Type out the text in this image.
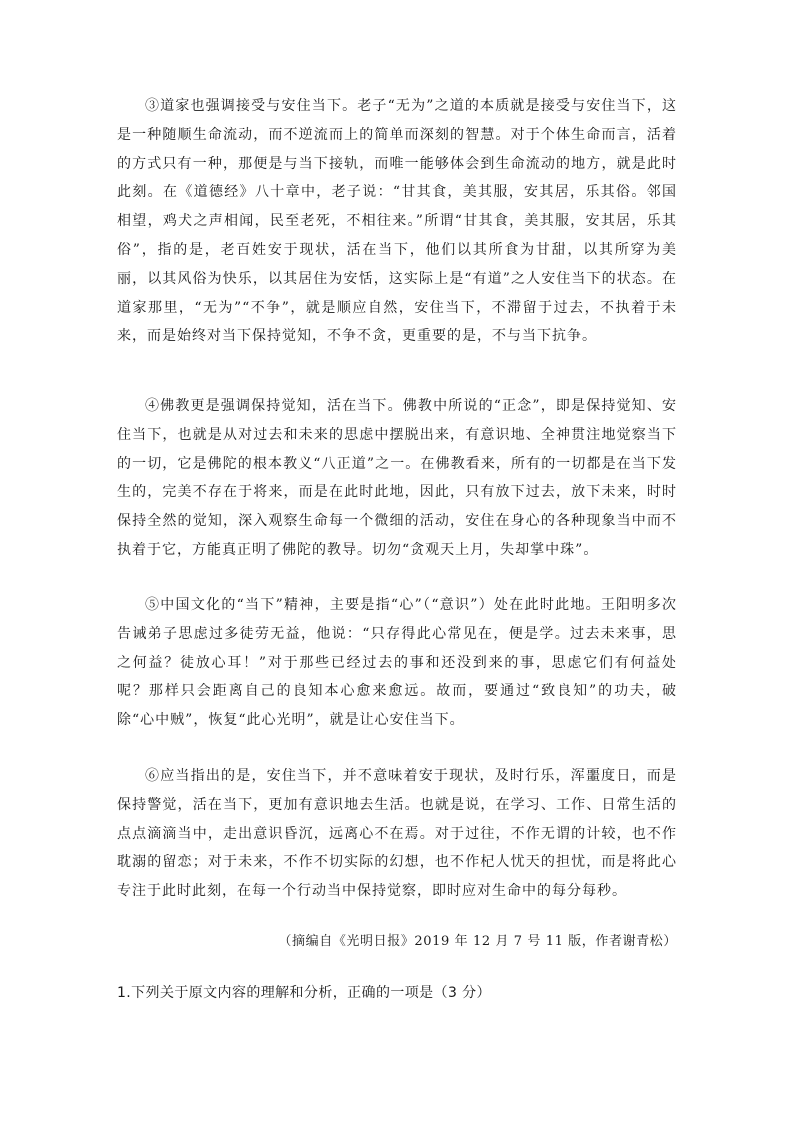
③道家也强调接受与安住当下。老子“无为”之道的本质就是接受与安住当下，这是一种随顺生命流动，而不逆流而上的简单而深刻的智慧。对于个体生命而言，活着的方式只有一种，那便是与当下接轨，而唯一能够体会到生命流动的地方，就是此时此刻。在《道德经》八十章中，老子说：“甘其食，美其服，安其居，乐其俗。邻国相望，鸡犬之声相闻，民至老死，不相往来。”所谓“甘其食，美其服，安其居，乐其俗”，指的是，老百姓安于现状，活在当下，他们以其所食为甘甜，以其所穿为美丽，以其风俗为快乐，以其居住为安恬，这实际上是“有道”之人安住当下的状态。在道家那里，“无为”“不争”，就是顺应自然，安住当下，不滞留于过去，不执着于未来，而是始终对当下保持觉知，不争不贪，更重要的是，不与当下抗争。

④佛教更是强调保持觉知，活在当下。佛教中所说的“正念”，即是保持觉知、安住当下，也就是从对过去和未来的思虑中摆脱出来，有意识地、全神贯注地觉察当下的一切，它是佛陀的根本教义“八正道”之一。在佛教看来，所有的一切都是在当下发生的，完美不存在于将来，而是在此时此地，因此，只有放下过去，放下未来，时时保持全然的觉知，深入观察生命每一个微细的活动，安住在身心的各种现象当中而不执着于它，方能真正明了佛陀的教导。切勿“贪观天上月，失却掌中珠”。

⑤中国文化的“当下”精神，主要是指“心”（“意识”）处在此时此地。王阳明多次告诫弟子思虑过多徒劳无益，他说：“只存得此心常见在，便是学。过去未来事，思之何益？徒放心耳！”对于那些已经过去的事和还没到来的事，思虑它们有何益处呢？那样只会距离自己的良知本心愈来愈远。故而，要通过“致良知”的功夫，破除“心中贼”，恢复“此心光明”，就是让心安住当下。

⑥应当指出的是，安住当下，并不意味着安于现状，及时行乐，浑噩度日，而是保持警觉，活在当下，更加有意识地去生活。也就是说，在学习、工作、日常生活的点点滴滴当中，走出意识昏沉，远离心不在焉。对于过往，不作无谓的计较，也不作耽溺的留恋；对于未来，不作不切实际的幻想，也不作杞人忧天的担忧，而是将此心专注于此时此刻，在每一个行动当中保持觉察，即时应对生命中的每分每秒。

（摘编自《光明日报》2019 年 12 月 7 号 11 版，作者谢青松）

1.下列关于原文内容的理解和分析，正确的一项是（3 分）
